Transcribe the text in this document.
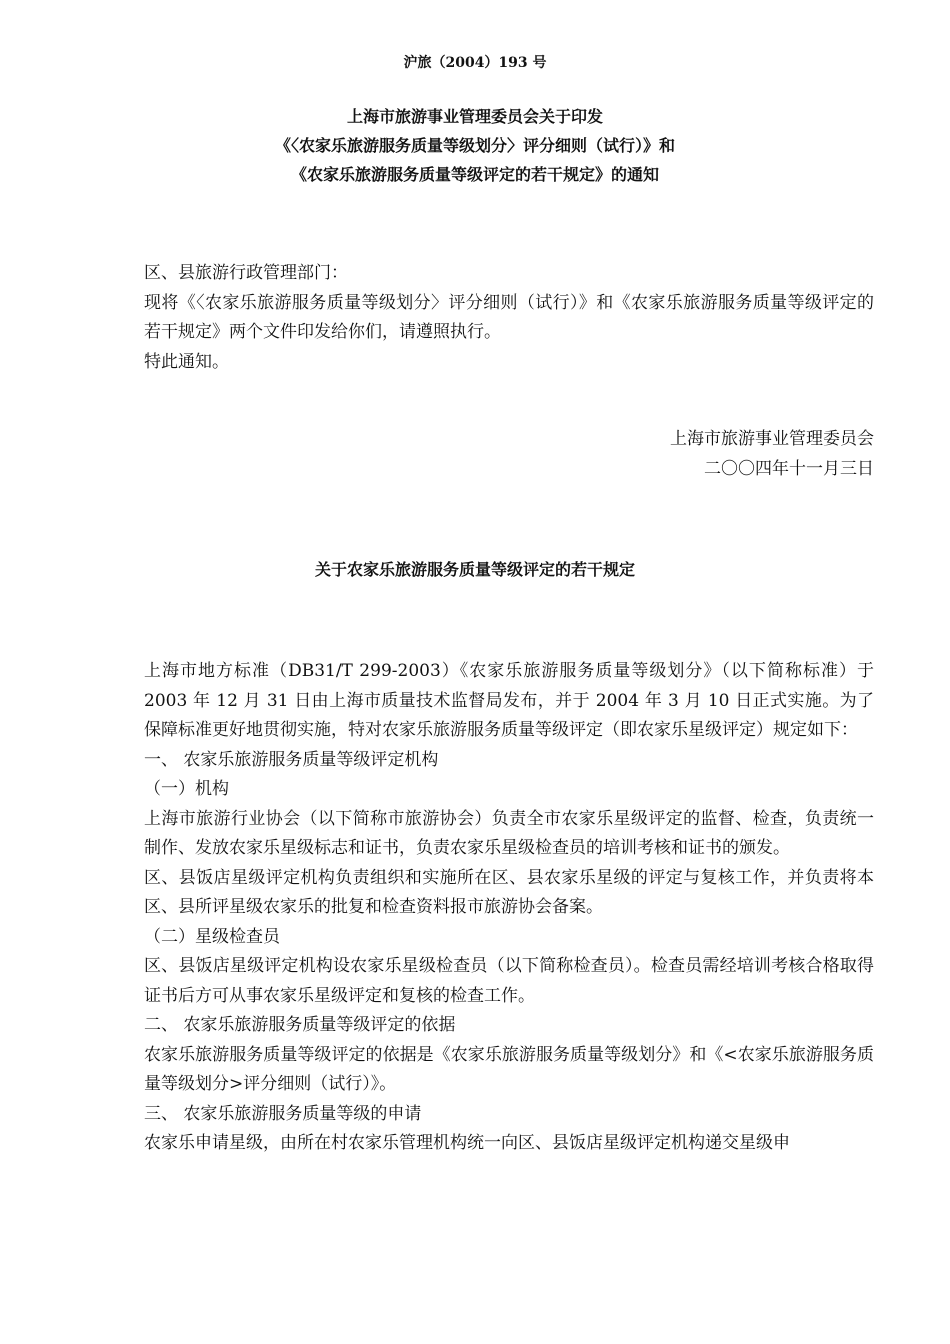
沪旅（2004）193 号
上海市旅游事业管理委员会关于印发
《〈农家乐旅游服务质量等级划分〉评分细则（试行）》和
《农家乐旅游服务质量等级评定的若干规定》的通知

区、县旅游行政管理部门：

现将《〈农家乐旅游服务质量等级划分〉评分细则（试行）》和《农家乐旅游服务质量等级评定的若干规定》两个文件印发给你们，请遵照执行。

特此通知。

上海市旅游事业管理委员会
二〇〇四年十一月三日
关于农家乐旅游服务质量等级评定的若干规定

上海市地方标准（DB31/T 299-2003）《农家乐旅游服务质量等级划分》（以下简称标准）于 2003 年 12 月 31 日由上海市质量技术监督局发布，并于 2004 年 3 月 10 日正式实施。为了保障标准更好地贯彻实施，特对农家乐旅游服务质量等级评定（即农家乐星级评定）规定如下：

一、 农家乐旅游服务质量等级评定机构

（一）机构

上海市旅游行业协会（以下简称市旅游协会）负责全市农家乐星级评定的监督、检查，负责统一制作、发放农家乐星级标志和证书，负责农家乐星级检查员的培训考核和证书的颁发。

区、县饭店星级评定机构负责组织和实施所在区、县农家乐星级的评定与复核工作，并负责将本区、县所评星级农家乐的批复和检查资料报市旅游协会备案。

（二）星级检查员

区、县饭店星级评定机构设农家乐星级检查员（以下简称检查员）。检查员需经培训考核合格取得证书后方可从事农家乐星级评定和复核的检查工作。

二、 农家乐旅游服务质量等级评定的依据

农家乐旅游服务质量等级评定的依据是《农家乐旅游服务质量等级划分》和《<农家乐旅游服务质量等级划分>评分细则（试行）》。

三、 农家乐旅游服务质量等级的申请

农家乐申请星级，由所在村农家乐管理机构统一向区、县饭店星级评定机构递交星级申
